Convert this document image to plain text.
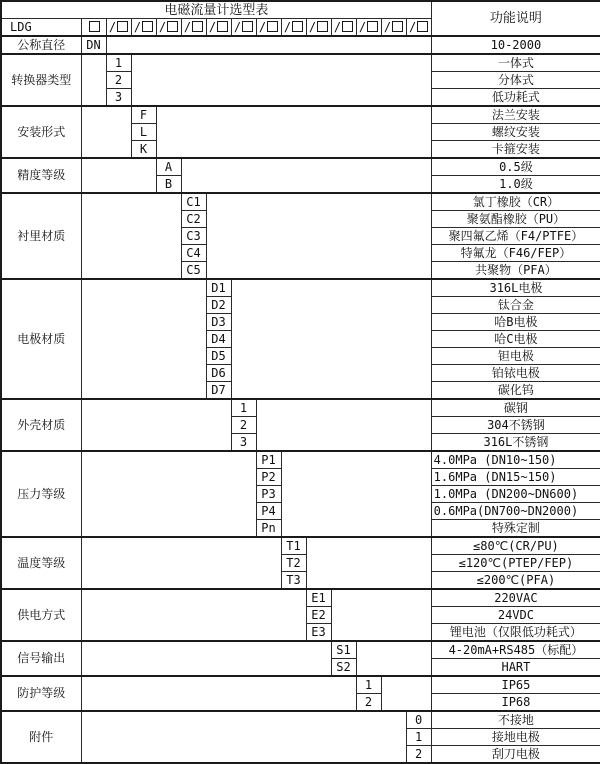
电磁流量计选型表															功能说明
LDG		/	/	/	/	/	/	/	/	/	/	/	/	/	
公称直径	DN														10-2000
转换器类型		1													一体式
		2													分体式
		3													低功耗式
安装形式			F												法兰安装
			L												螺纹安装
			K												卡箍安装
精度等级				A											0.5级
				B											1.0级
衬里材质					C1										氯丁橡胶（CR）
					C2										聚氨酯橡胶（PU）
					C3										聚四氟乙烯（F4/PTFE）
					C4										特氟龙（F46/FEP）
					C5										共聚物（PFA）
电极材质						D1									316L电极
						D2									钛合金
						D3									哈B电极
						D4									哈C电极
						D5									钽电极
						D6									铂铱电极
						D7									碳化钨
外壳材质							1								碳钢
							2								304不锈钢
							3								316L不锈钢
压力等级								P1							4.0MPa (DN10~150)
								P2							1.6MPa (DN15~150)
								P3							1.0MPa (DN200~DN600)
								P4							0.6MPa(DN700~DN2000)
								Pn							特殊定制
温度等级									T1						≤80℃(CR/PU)
									T2						≤120℃(PTEP/FEP)
									T3						≤200℃(PFA)
供电方式										E1					220VAC
										E2					24VDC
										E3					锂电池（仅限低功耗式）
信号输出											S1				4-20mA+RS485（标配）
											S2				HART
防护等级												1			IP65
												2			IP68
附件														0	不接地
														1	接地电极
														2	刮刀电极
